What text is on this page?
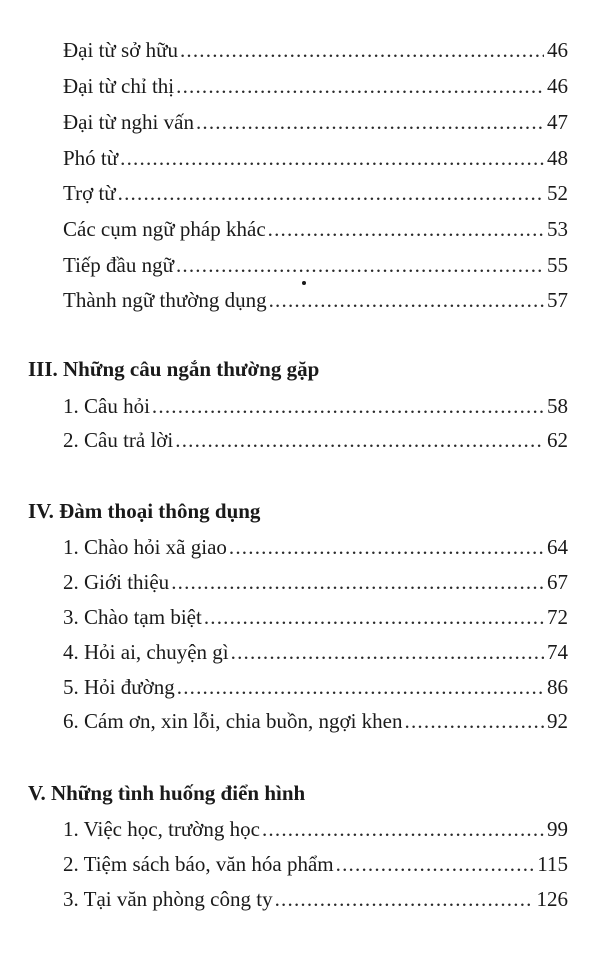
Đại từ sở hữu .....	46
Đại từ chỉ thị .....	46
Đại từ nghi vấn .....	47
Phó từ .....	48
Trợ từ .....	52
Các cụm ngữ pháp khác .....	53
Tiếp đầu ngữ .....	55
Thành ngữ thường dụng .....	57
III. Những câu ngắn thường gặp
1. Câu hỏi .....	58
2. Câu trả lời .....	62
IV. Đàm thoại thông dụng
1. Chào hỏi xã giao .....	64
2. Giới thiệu .....	67
3. Chào tạm biệt .....	72
4. Hỏi ai, chuyện gì .....	74
5. Hỏi đường .....	86
6. Cám ơn, xin lỗi, chia buồn, ngợi khen .....	92
V. Những tình huống điển hình
1. Việc học, trường học .....	99
2. Tiệm sách báo, văn hóa phẩm .....	115
3. Tại văn phòng công ty .....	126
